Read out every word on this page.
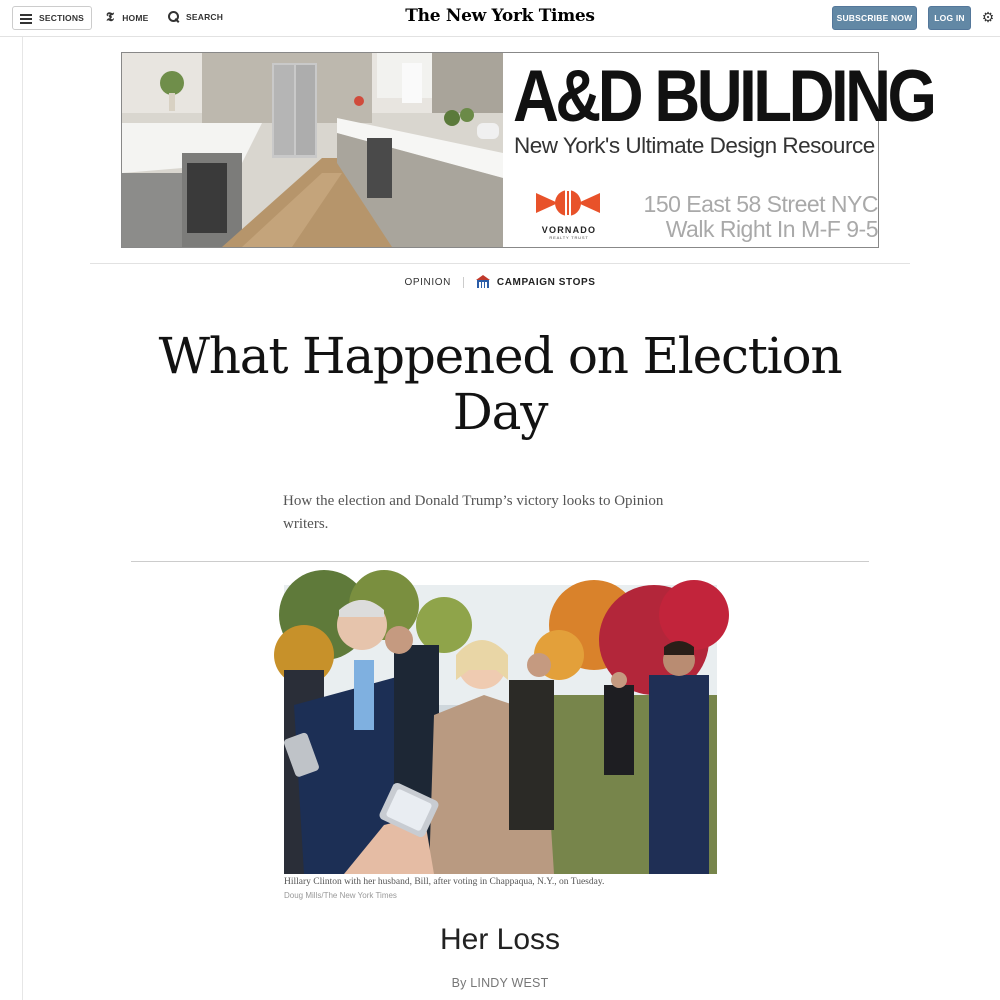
SECTIONS 𝕿 HOME	SEARCH	The New York Times	SUBSCRIBE NOW	LOG IN	⚙
A&D BUILDING
New York's Ultimate Design Resource
VORNADO
REALTY TRUST
150 East 58 Street NYC
Walk Right In M-F 9-5
OPINION	CAMPAIGN STOPS
What Happened on Election Day

How the election and Donald Trump’s victory looks to Opinion writers.

Hillary Clinton with her husband, Bill, after voting in Chappaqua, N.Y., on Tuesday.
Doug Mills/The New York Times
Her Loss
By LINDY WEST
